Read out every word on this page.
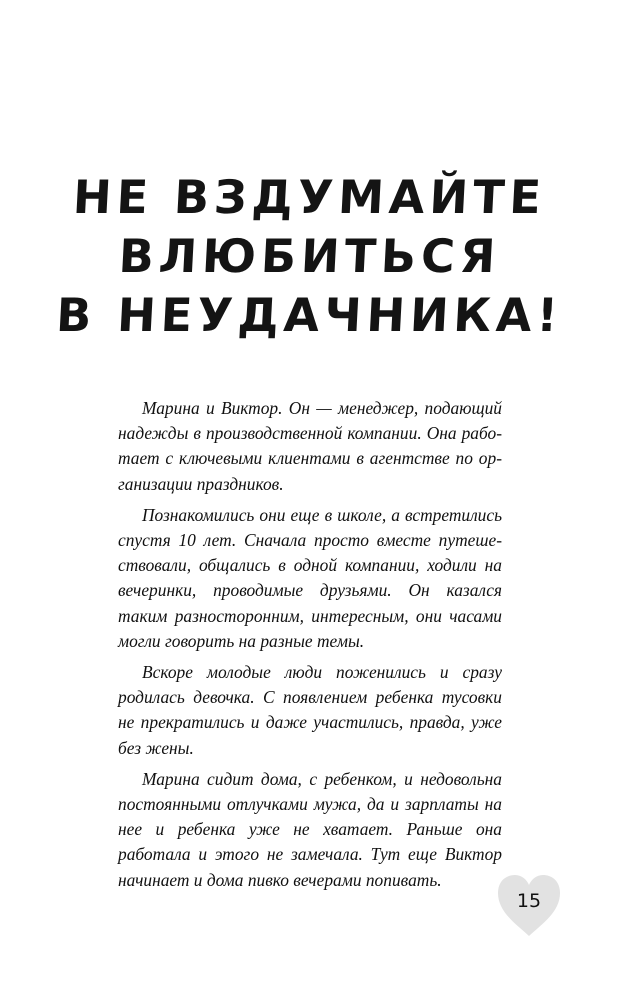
НЕ ВЗДУМАЙТЕ
ВЛЮБИТЬСЯ
В НЕУДАЧНИКА!

Марина и Виктор. Он — менеджер, подающий надежды в производственной компании. Она работает с ключевыми клиентами в агентстве по организации праздников.

Познакомились они еще в школе, а встретились спустя 10 лет. Сначала просто вместе путешествовали, общались в одной компании, ходили на вечеринки, проводимые друзьями. Он казался таким разносторонним, интересным, они часами могли говорить на разные темы.

Вскоре молодые люди поженились и сразу родилась девочка. С появлением ребенка тусовки не прекратились и даже участились, правда, уже без жены.

Марина сидит дома, с ребенком, и недовольна постоянными отлучками мужа, да и зарплаты на нее и ребенка уже не хватает. Раньше она работала и этого не замечала. Тут еще Виктор начинает и дома пивко вечерами попивать.

15
